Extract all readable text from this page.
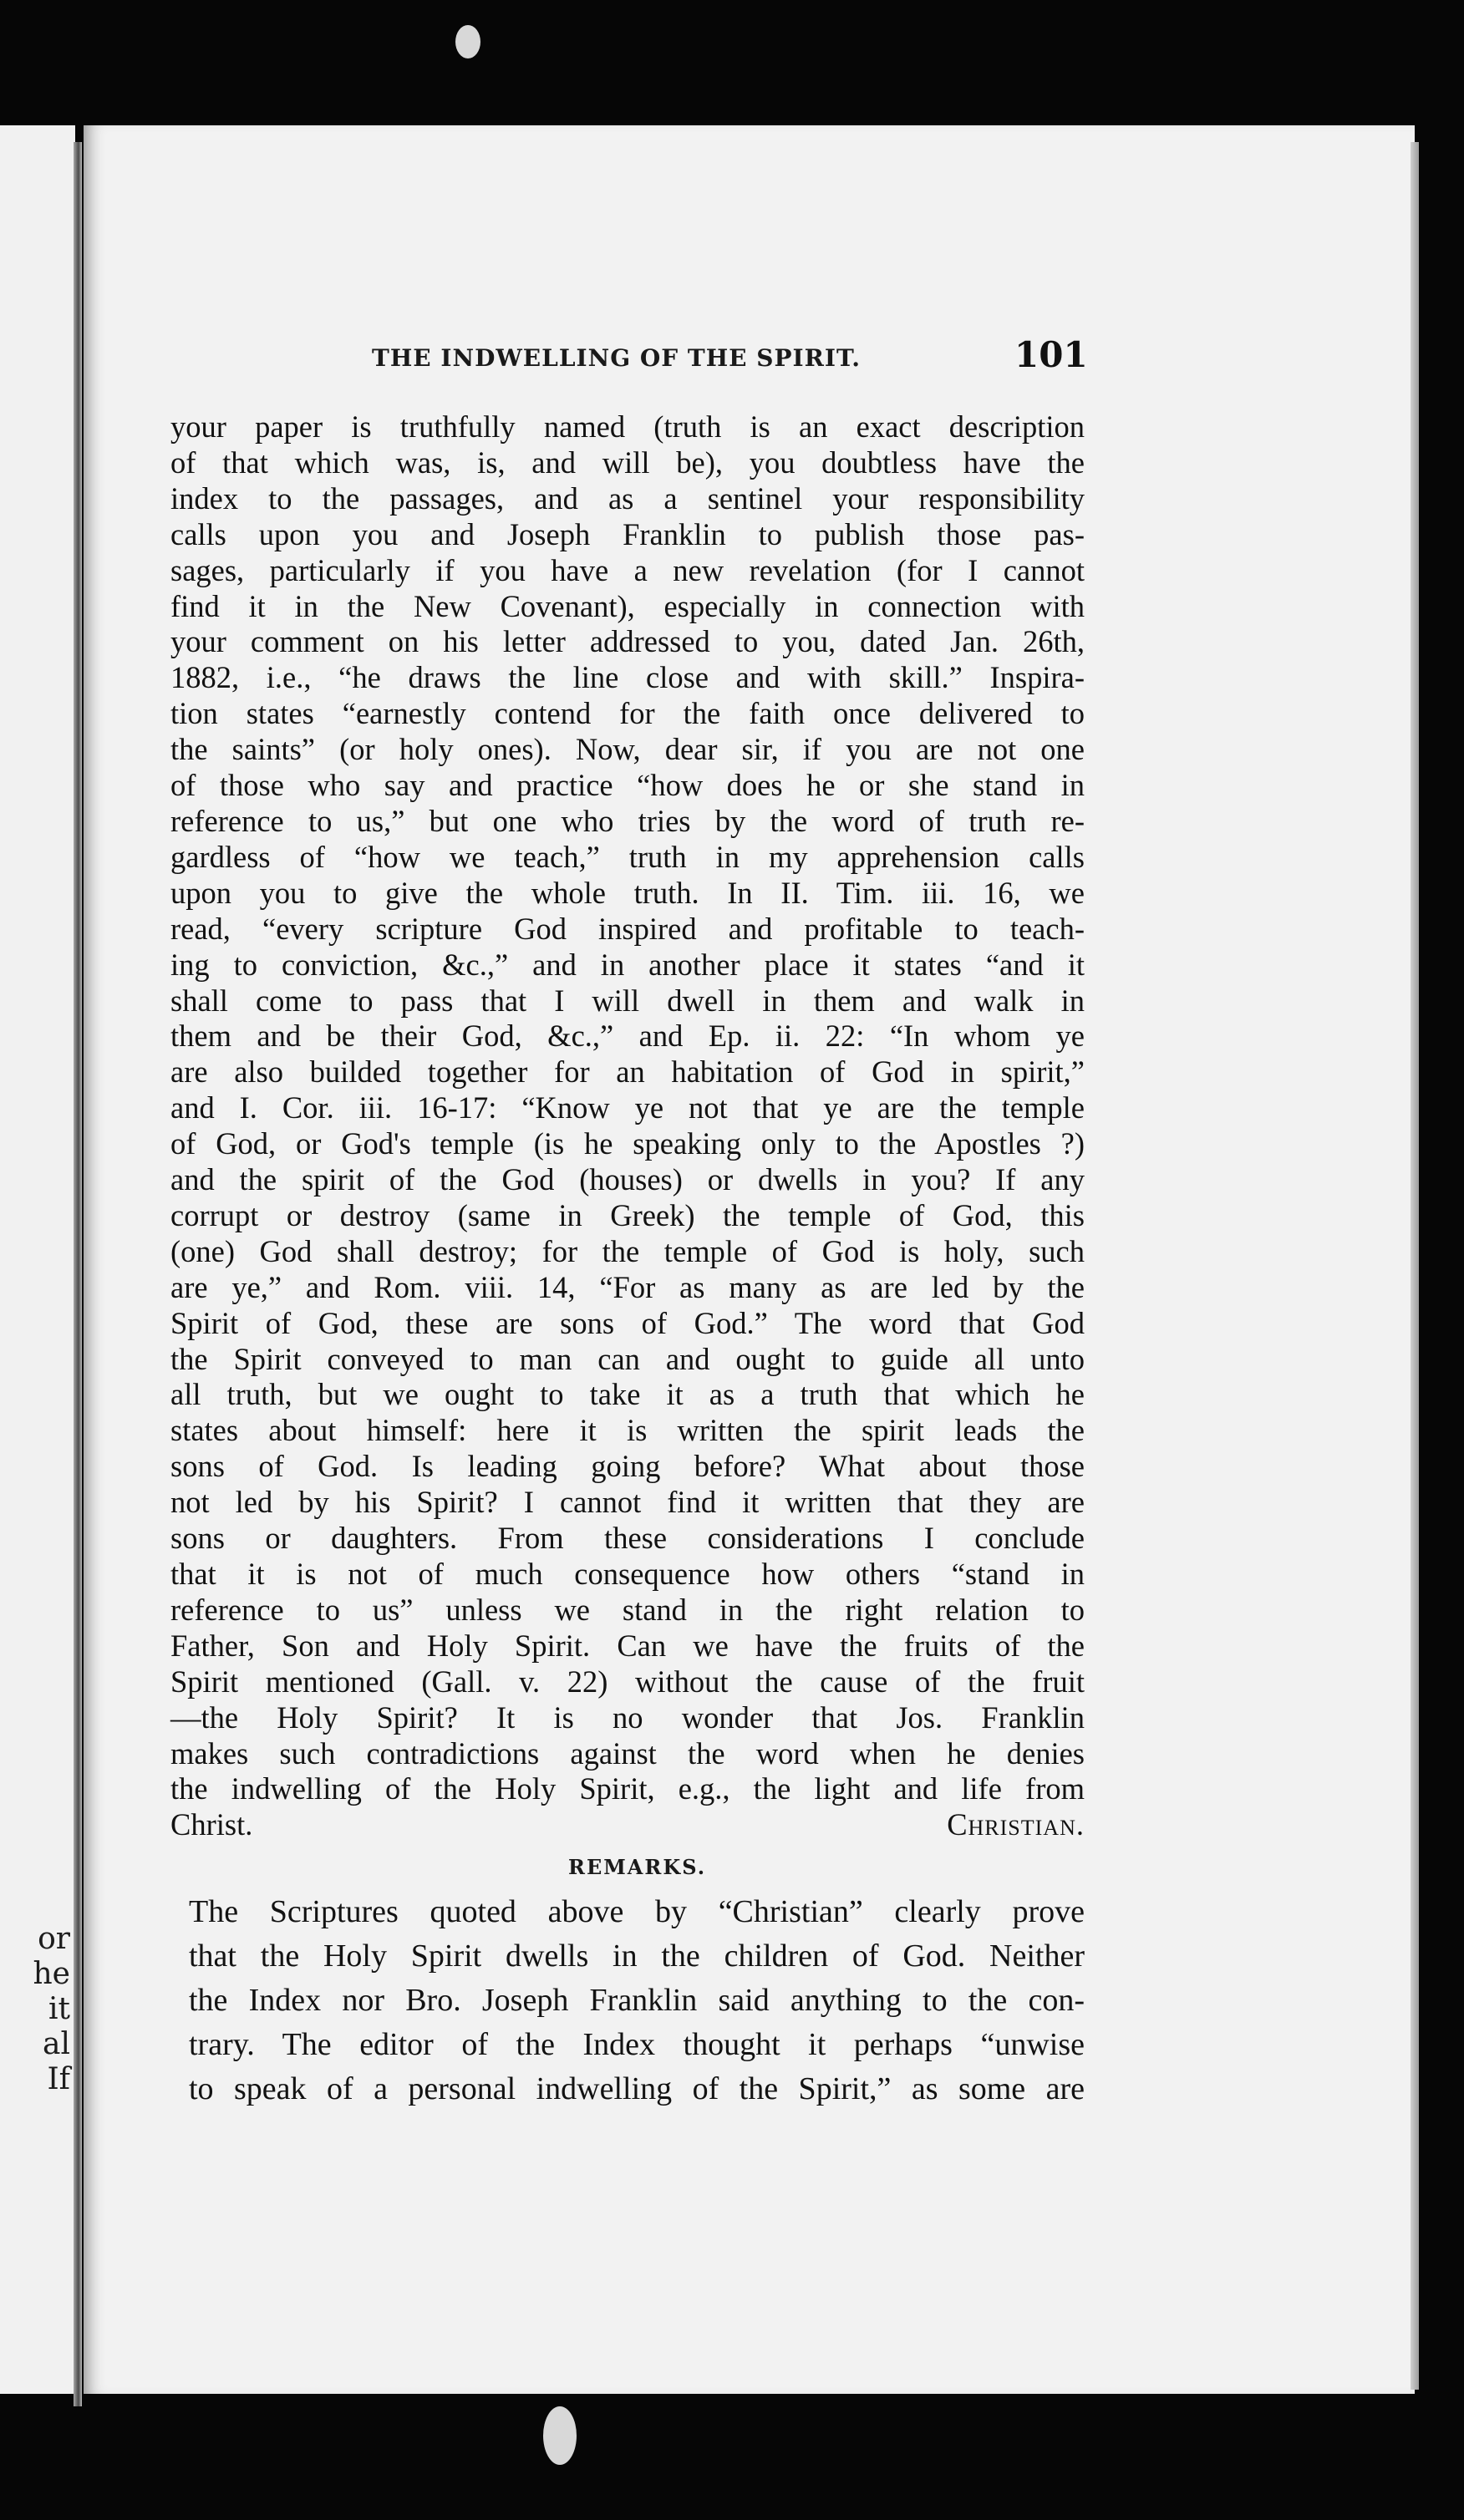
or
he
it
al
If
THE INDWELLING OF THE SPIRIT.	101
your paper is truthfully named (truth is an exact description
of that which was, is, and will be), you doubtless have the
index to the passages, and as a sentinel your responsibility
calls upon you and Joseph Franklin to publish those pas-
sages, particularly if you have a new revelation (for I cannot
find it in the New Covenant), especially in connection with
your comment on his letter addressed to you, dated Jan. 26th,
1882, i.e., “he draws the line close and with skill.” Inspira-
tion states “earnestly contend for the faith once delivered to
the saints” (or holy ones). Now, dear sir, if you are not one
of those who say and practice “how does he or she stand in
reference to us,” but one who tries by the word of truth re-
gardless of “how we teach,” truth in my apprehension calls
upon you to give the whole truth. In II. Tim. iii. 16, we
read, “every scripture God inspired and profitable to teach-
ing to conviction, &c.,” and in another place it states “and it
shall come to pass that I will dwell in them and walk in
them and be their God, &c.,” and Ep. ii. 22: “In whom ye
are also builded together for an habitation of God in spirit,”
and I. Cor. iii. 16-17: “Know ye not that ye are the temple
of God, or God's temple (is he speaking only to the Apostles ?)
and the spirit of the God (houses) or dwells in you? If any
corrupt or destroy (same in Greek) the temple of God, this
(one) God shall destroy; for the temple of God is holy, such
are ye,” and Rom. viii. 14, “For as many as are led by the
Spirit of God, these are sons of God.” The word that God
the Spirit conveyed to man can and ought to guide all unto
all truth, but we ought to take it as a truth that which he
states about himself: here it is written the spirit leads the
sons of God. Is leading going before? What about those
not led by his Spirit? I cannot find it written that they are
sons or daughters. From these considerations I conclude
that it is not of much consequence how others “stand in
reference to us” unless we stand in the right relation to
Father, Son and Holy Spirit. Can we have the fruits of the
Spirit mentioned (Gall. v. 22) without the cause of the fruit
—the Holy Spirit? It is no wonder that Jos. Franklin
makes such contradictions against the word when he denies
the indwelling of the Holy Spirit, e.g., the light and life from
Christ.	Christian.
REMARKS.
The Scriptures quoted above by “Christian” clearly prove
that the Holy Spirit dwells in the children of God. Neither
the Index nor Bro. Joseph Franklin said anything to the con-
trary. The editor of the Index thought it perhaps “unwise
to speak of a personal indwelling of the Spirit,” as some are
